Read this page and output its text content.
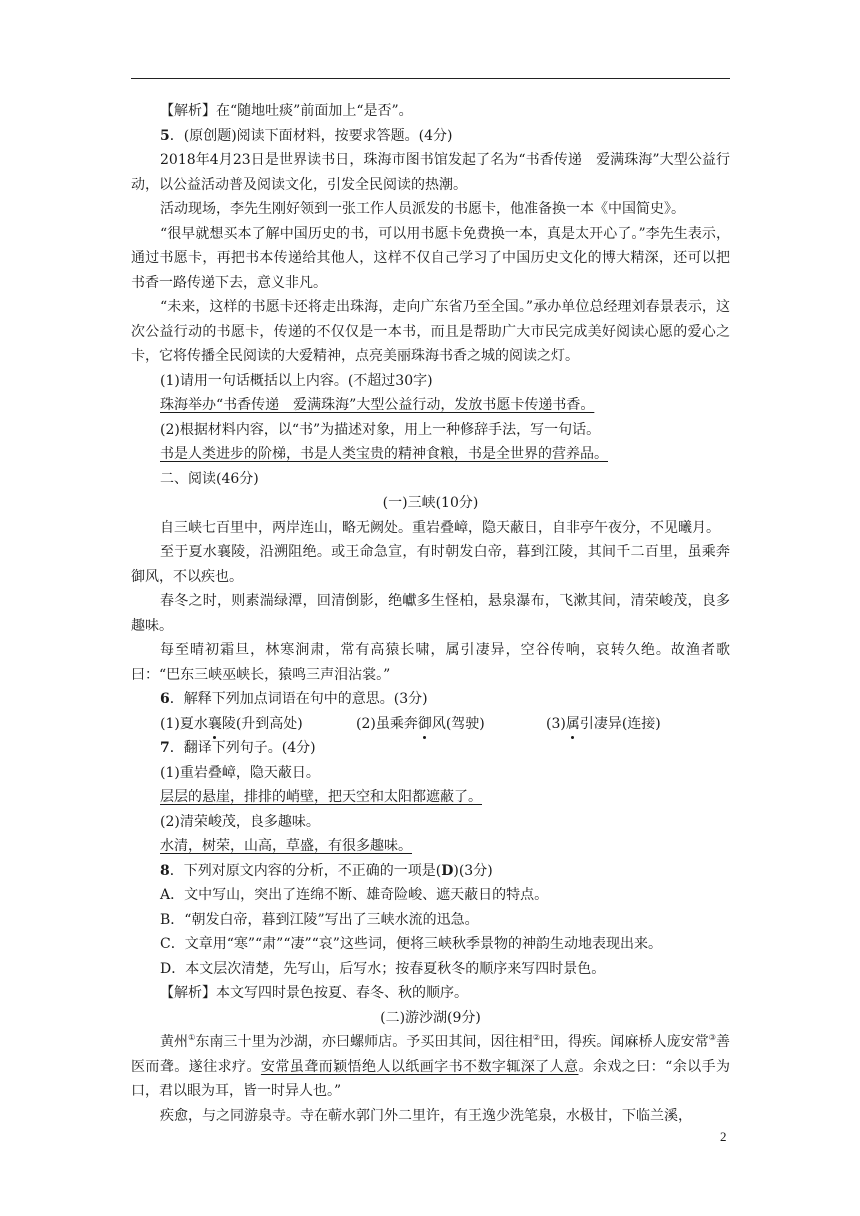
【解析】在“随地吐痰”前面加上“是否”。

5．(原创题)阅读下面材料，按要求答题。(4分)

2018年4月23日是世界读书日，珠海市图书馆发起了名为“书香传递　爱满珠海”大型公益行动，以公益活动普及阅读文化，引发全民阅读的热潮。

活动现场，李先生刚好领到一张工作人员派发的书愿卡，他准备换一本《中国简史》。

“很早就想买本了解中国历史的书，可以用书愿卡免费换一本，真是太开心了。”李先生表示，通过书愿卡，再把书本传递给其他人，这样不仅自己学习了中国历史文化的博大精深，还可以把书香一路传递下去，意义非凡。

“未来，这样的书愿卡还将走出珠海，走向广东省乃至全国。”承办单位总经理刘春景表示，这次公益行动的书愿卡，传递的不仅仅是一本书，而且是帮助广大市民完成美好阅读心愿的爱心之卡，它将传播全民阅读的大爱精神，点亮美丽珠海书香之城的阅读之灯。

(1)请用一句话概括以上内容。(不超过30字)

珠海举办“书香传递　爱满珠海”大型公益行动，发放书愿卡传递书香。

(2)根据材料内容，以“书”为描述对象，用上一种修辞手法，写一句话。

书是人类进步的阶梯，书是人类宝贵的精神食粮，书是全世界的营养品。

二、阅读(46分)

(一)三峡(10分)

自三峡七百里中，两岸连山，略无阙处。重岩叠嶂，隐天蔽日，自非亭午夜分，不见曦月。

至于夏水襄陵，沿溯阻绝。或王命急宣，有时朝发白帝，暮到江陵，其间千二百里，虽乘奔御风，不以疾也。

春冬之时，则素湍绿潭，回清倒影，绝巘多生怪柏，悬泉瀑布，飞漱其间，清荣峻茂，良多趣味。

每至晴初霜旦，林寒涧肃，常有高猿长啸，属引凄异，空谷传响，哀转久绝。故渔者歌曰：“巴东三峡巫峡长，猿鸣三声泪沾裳。”

6．解释下列加点词语在句中的意思。(3分)

(1)夏水襄陵(升到高处)	(2)虽乘奔御风(驾驶)	(3)属引凄异(连接)

7．翻译下列句子。(4分)

(1)重岩叠嶂，隐天蔽日。

层层的悬崖，排排的峭壁，把天空和太阳都遮蔽了。

(2)清荣峻茂，良多趣味。

水清，树荣，山高，草盛，有很多趣味。

8．下列对原文内容的分析，不正确的一项是(D)(3分)

A．文中写山，突出了连绵不断、雄奇险峻、遮天蔽日的特点。

B．“朝发白帝，暮到江陵”写出了三峡水流的迅急。

C．文章用“寒”“肃”“凄”“哀”这些词，便将三峡秋季景物的神韵生动地表现出来。

D．本文层次清楚，先写山，后写水；按春夏秋冬的顺序来写四时景色。

【解析】本文写四时景色按夏、春冬、秋的顺序。

(二)游沙湖(9分)

黄州①东南三十里为沙湖，亦曰螺师店。予买田其间，因往相②田，得疾。闻麻桥人庞安常③善医而聋。遂往求疗。安常虽聋而颖悟绝人以纸画字书不数字辄深了人意。余戏之曰：“余以手为口，君以眼为耳，皆一时异人也。”

疾愈，与之同游泉寺。寺在蕲水郭门外二里许，有王逸少洗笔泉，水极甘，下临兰溪，

2
